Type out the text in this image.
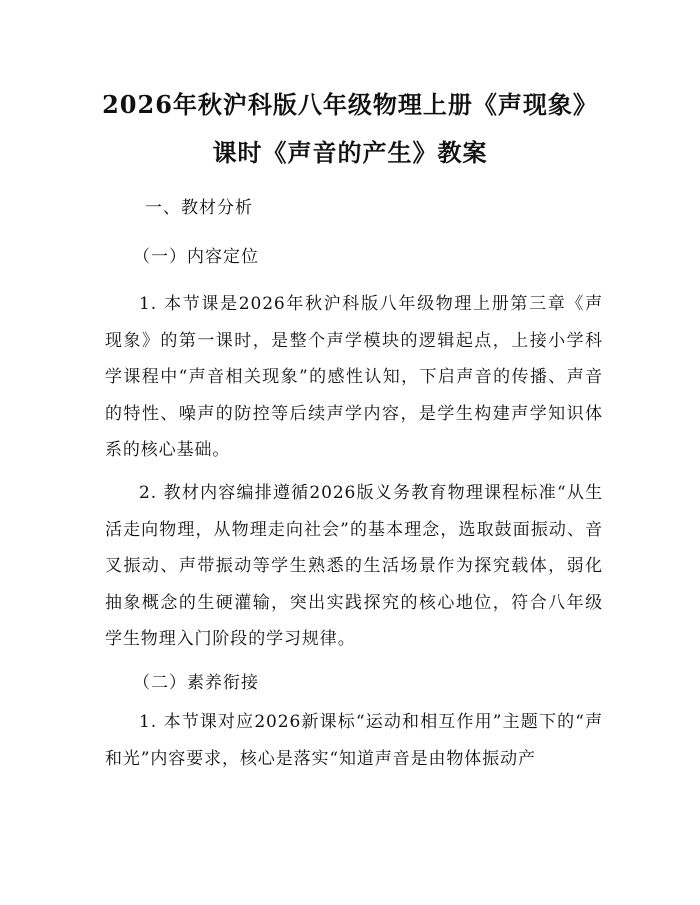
2026年秋沪科版八年级物理上册《声现象》
课时《声音的产生》教案
一、教材分析
（一）内容定位

1. 本节课是2026年秋沪科版八年级物理上册第三章《声现象》的第一课时，是整个声学模块的逻辑起点，上接小学科学课程中“声音相关现象”的感性认知，下启声音的传播、声音的特性、噪声的防控等后续声学内容，是学生构建声学知识体系的核心基础。

2. 教材内容编排遵循2026版义务教育物理课程标准“从生活走向物理，从物理走向社会”的基本理念，选取鼓面振动、音叉振动、声带振动等学生熟悉的生活场景作为探究载体，弱化抽象概念的生硬灌输，突出实践探究的核心地位，符合八年级学生物理入门阶段的学习规律。

（二）素养衔接

1. 本节课对应2026新课标“运动和相互作用”主题下的“声和光”内容要求，核心是落实“知道声音是由物体振动产
